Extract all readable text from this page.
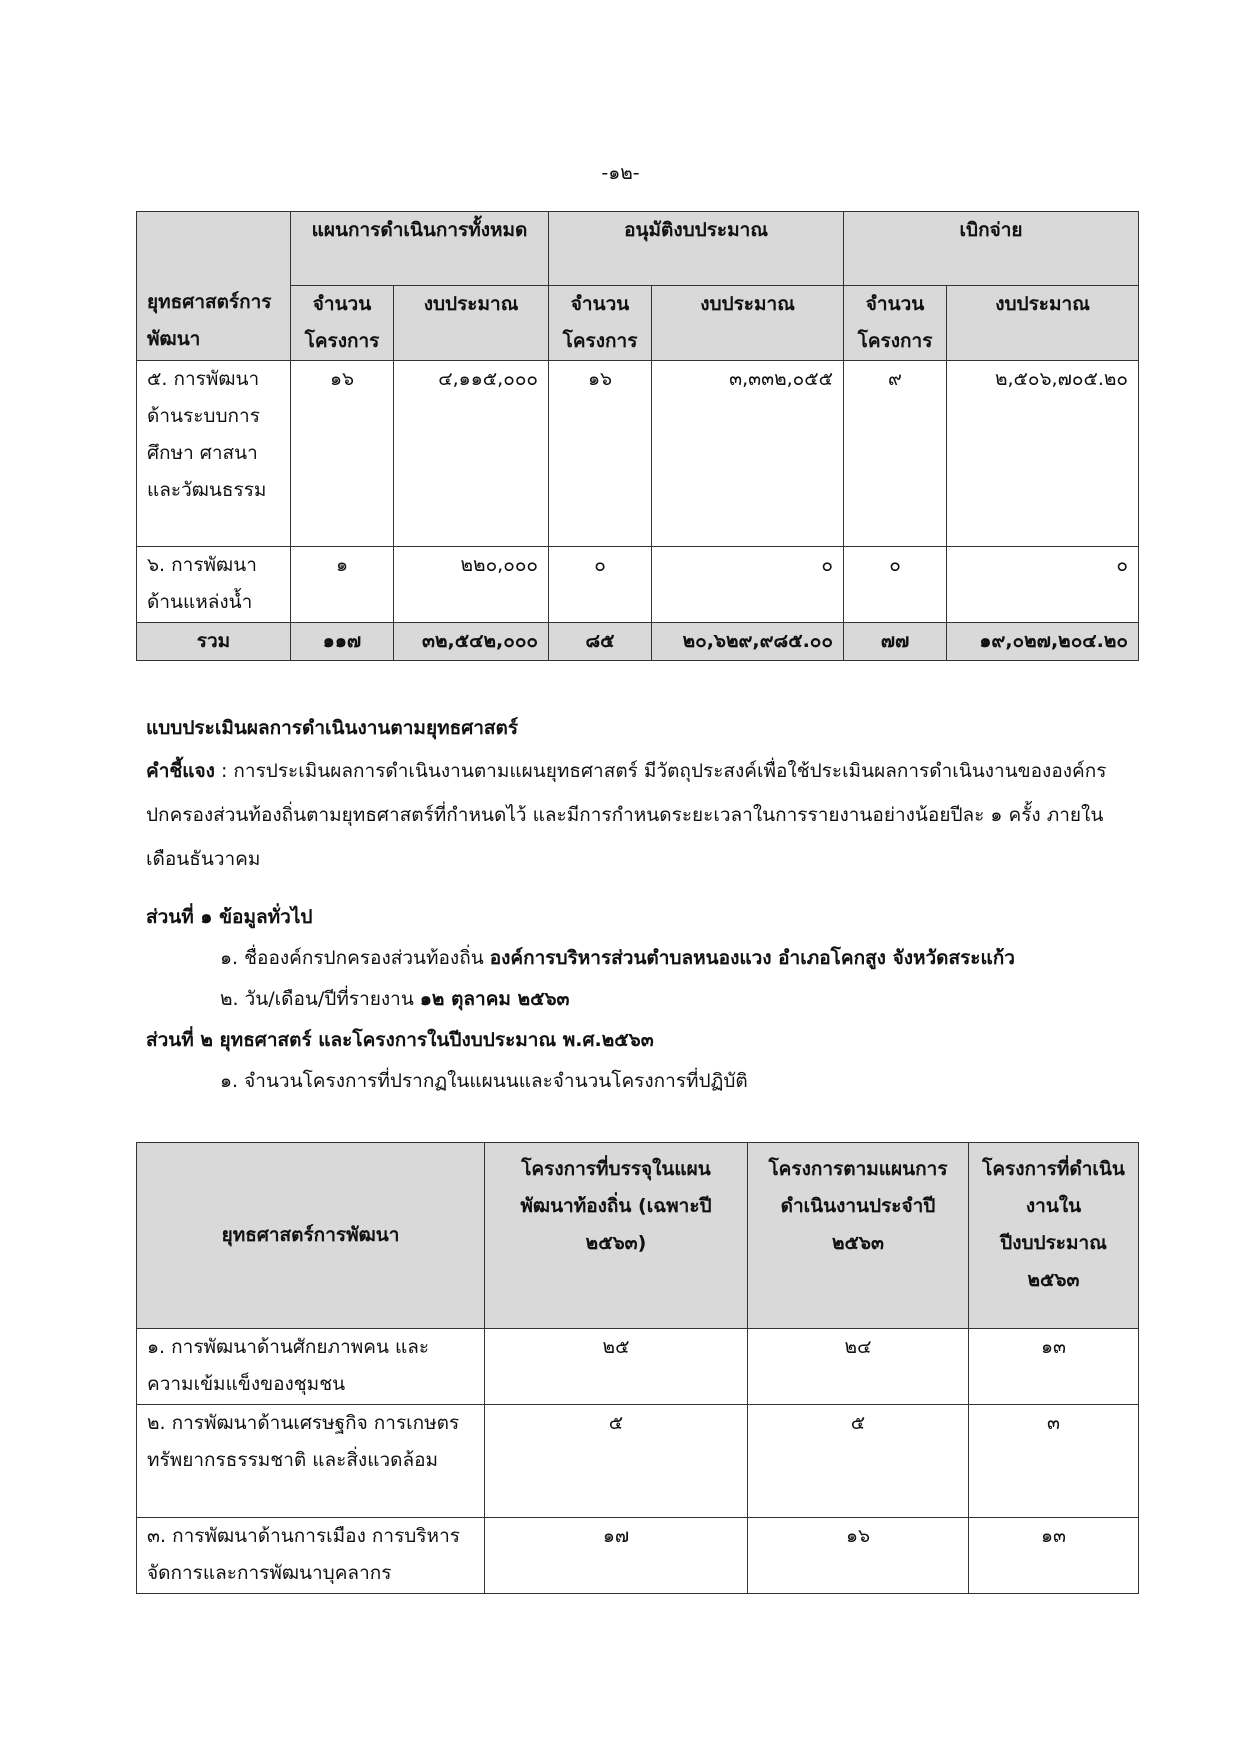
-๑๒-
ยุทธศาสตร์การพัฒนา	แผนการดำเนินการทั้งหมด		อนุมัติงบประมาณ		เบิกจ่าย	
	จำนวนโครงการ	งบประมาณ	จำนวนโครงการ	งบประมาณ	จำนวนโครงการ	งบประมาณ
๕. การพัฒนาด้านระบบการศึกษา ศาสนา และวัฒนธรรม	๑๖	๔,๑๑๕,๐๐๐	๑๖	๓,๓๓๒,๐๕๕	๙	๒,๕๐๖,๗๐๕.๒๐
๖. การพัฒนาด้านแหล่งน้ำ	๑	๒๒๐,๐๐๐	๐	๐	๐	๐
รวม	๑๑๗	๓๒,๕๔๒,๐๐๐	๘๕	๒๐,๖๒๙,๙๘๕.๐๐	๗๗	๑๙,๐๒๗,๒๐๔.๒๐
แบบประเมินผลการดำเนินงานตามยุทธศาสตร์
คำชี้แจง : การประเมินผลการดำเนินงานตามแผนยุทธศาสตร์ มีวัตถุประสงค์เพื่อใช้ประเมินผลการดำเนินงานขององค์กรปกครองส่วนท้องถิ่นตามยุทธศาสตร์ที่กำหนดไว้ และมีการกำหนดระยะเวลาในการรายงานอย่างน้อยปีละ ๑ ครั้ง ภายในเดือนธันวาคม
ส่วนที่ ๑ ข้อมูลทั่วไป
๑. ชื่อองค์กรปกครองส่วนท้องถิ่น องค์การบริหารส่วนตำบลหนองแวง อำเภอโคกสูง จังหวัดสระแก้ว
๒. วัน/เดือน/ปีที่รายงาน ๑๒ ตุลาคม ๒๕๖๓
ส่วนที่ ๒ ยุทธศาสตร์ และโครงการในปีงบประมาณ พ.ศ.๒๕๖๓
๑. จำนวนโครงการที่ปรากฏในแผนนและจำนวนโครงการที่ปฏิบัติ
ยุทธศาสตร์การพัฒนา	โครงการที่บรรจุในแผนพัฒนาท้องถิ่น (เฉพาะปี ๒๕๖๓)	โครงการตามแผนการดำเนินงานประจำปี ๒๕๖๓	โครงการที่ดำเนินงานในปีงบประมาณ ๒๕๖๓
๑. การพัฒนาด้านศักยภาพคน และความเข้มแข็งของชุมชน	๒๕	๒๔	๑๓
๒. การพัฒนาด้านเศรษฐกิจ การเกษตร ทรัพยากรธรรมชาติ และสิ่งแวดล้อม	๕	๕	๓
๓. การพัฒนาด้านการเมือง การบริหารจัดการและการพัฒนาบุคลากร	๑๗	๑๖	๑๓
